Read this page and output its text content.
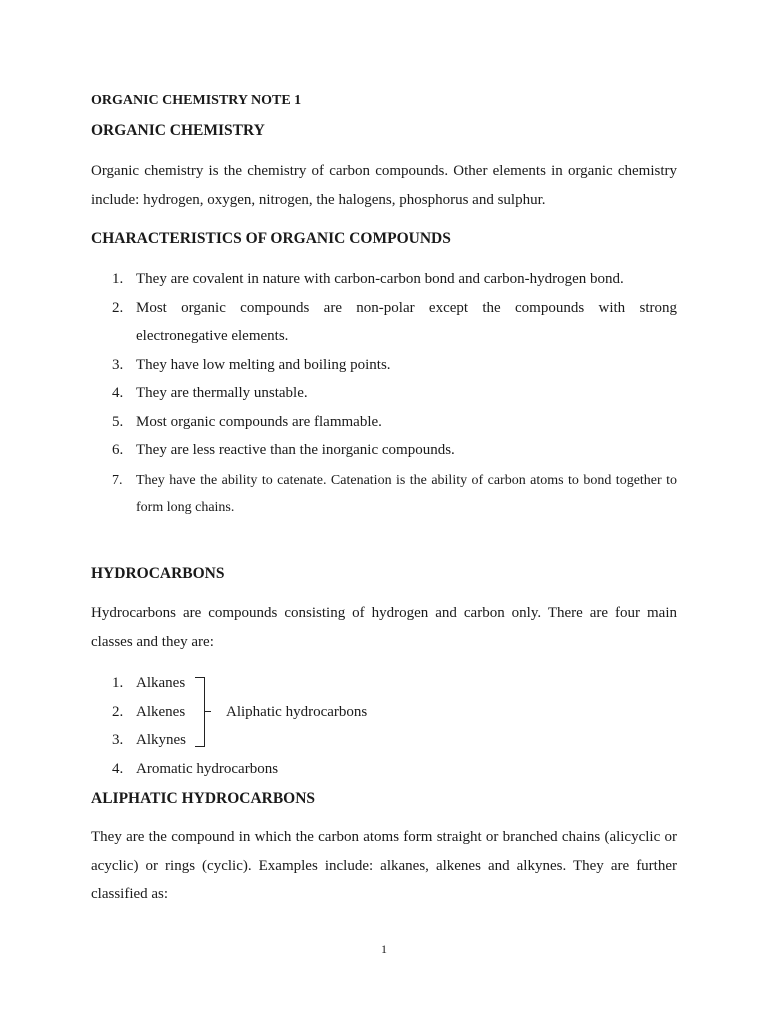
ORGANIC CHEMISTRY NOTE 1

ORGANIC CHEMISTRY

Organic chemistry is the chemistry of carbon compounds. Other elements in organic chemistry include: hydrogen, oxygen, nitrogen, the halogens, phosphorus and sulphur.

CHARACTERISTICS OF ORGANIC COMPOUNDS
1. They are covalent in nature with carbon-carbon bond and carbon-hydrogen bond.
2. Most organic compounds are non-polar except the compounds with strong electronegative elements.
3. They have low melting and boiling points.
4. They are thermally unstable.
5. Most organic compounds are flammable.
6. They are less reactive than the inorganic compounds.
7. They have the ability to catenate. Catenation is the ability of carbon atoms to bond together to form long chains.
HYDROCARBONS

Hydrocarbons are compounds consisting of hydrogen and carbon only. There are four main classes and they are:

1. Alkanes
2. Alkenes
3. Alkynes
4. Aromatic hydrocarbons
Aliphatic hydrocarbons
ALIPHATIC HYDROCARBONS

They are the compound in which the carbon atoms form straight or branched chains (alicyclic or acyclic) or rings (cyclic). Examples include: alkanes, alkenes and alkynes. They are further classified as:

1
